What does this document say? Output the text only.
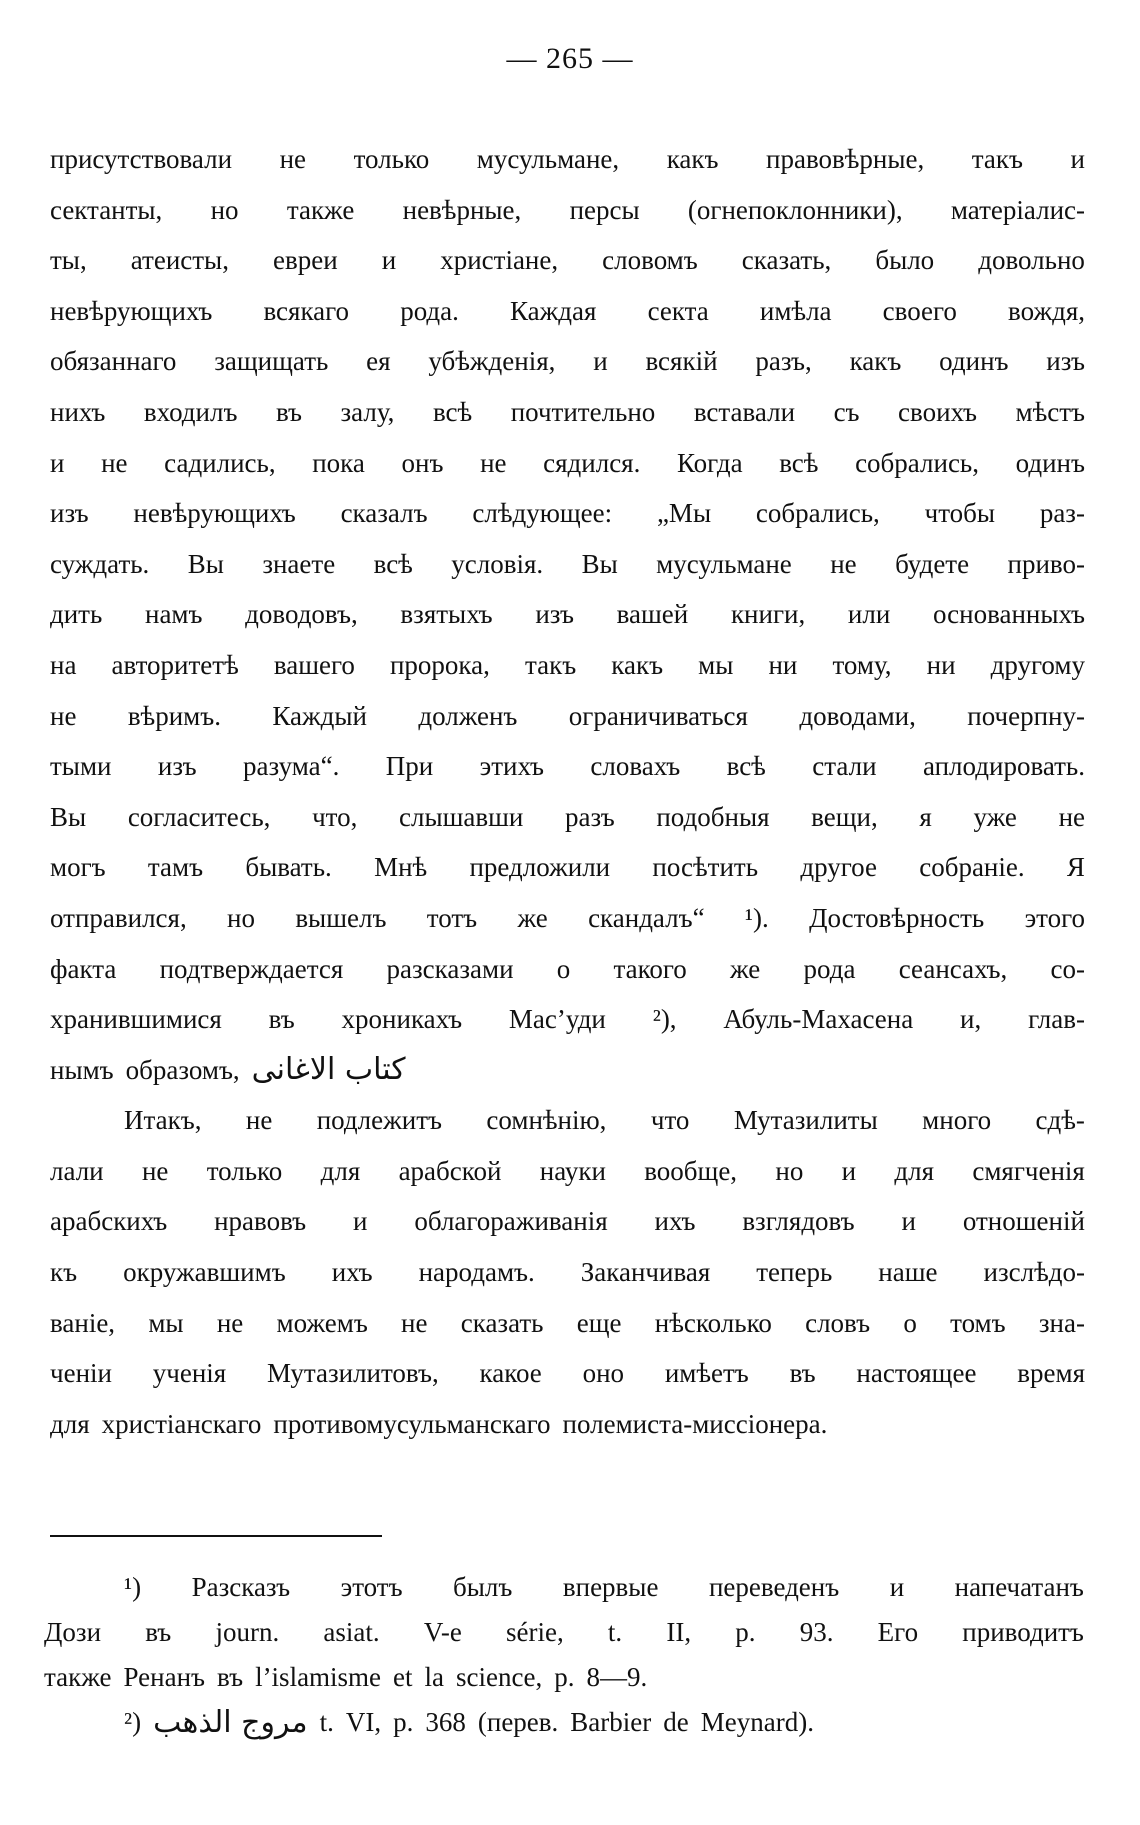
— 265 —
присутствовали не только мусульмане, какъ правовѣрные, такъ и
сектанты, но также невѣрные, персы (огнепоклонники), матеріалис-
ты, атеисты, евреи и христіане, словомъ сказать, было довольно
невѣрующихъ всякаго рода. Каждая секта имѣла своего вождя,
обязаннаго защищать ея убѣжденія, и всякій разъ, какъ одинъ изъ
нихъ входилъ въ залу, всѣ почтительно вставали съ своихъ мѣстъ
и не садились, пока онъ не сядился. Когда всѣ собрались, одинъ
изъ невѣрующихъ сказалъ слѣдующее: „Мы собрались, чтобы раз-
суждать. Вы знаете всѣ условія. Вы мусульмане не будете приво-
дить намъ доводовъ, взятыхъ изъ вашей книги, или основанныхъ
на авторитетѣ вашего пророка, такъ какъ мы ни тому, ни другому
не вѣримъ. Каждый долженъ ограничиваться доводами, почерпну-
тыми изъ разума“. При этихъ словахъ всѣ стали аплодировать.
Вы согласитесь, что, слышавши разъ подобныя вещи, я уже не
могъ тамъ бывать. Мнѣ предложили посѣтить другое собраніе. Я
отправился, но вышелъ тотъ же скандалъ“ ¹). Достовѣрность этого
факта подтверждается разсказами о такого же рода сеансахъ, со-
хранившимися въ хроникахъ Мас’уди ²), Абуль-Махасена и, глав-
нымъ образомъ, كتاب الاغانى
Итакъ, не подлежитъ сомнѣнію, что Мутазилиты много сдѣ-
лали не только для арабской науки вообще, но и для смягченія
арабскихъ нравовъ и облагораживанія ихъ взглядовъ и отношеній
къ окружавшимъ ихъ народамъ. Заканчивая теперь наше изслѣдо-
ваніе, мы не можемъ не сказать еще нѣсколько словъ о томъ зна-
ченіи ученія Мутазилитовъ, какое оно имѣетъ въ настоящее время
для христіанскаго противомусульманскаго полемиста-миссіонера.
¹) Разсказъ этотъ былъ впервые переведенъ и напечатанъ
Дози въ journ. asiat. V-e série, t. II, p. 93. Его приводитъ
также Ренанъ въ l’islamisme et la science, p. 8—9.
²) مروج الذهب t. VI, p. 368 (перев. Barbier de Meynard).
